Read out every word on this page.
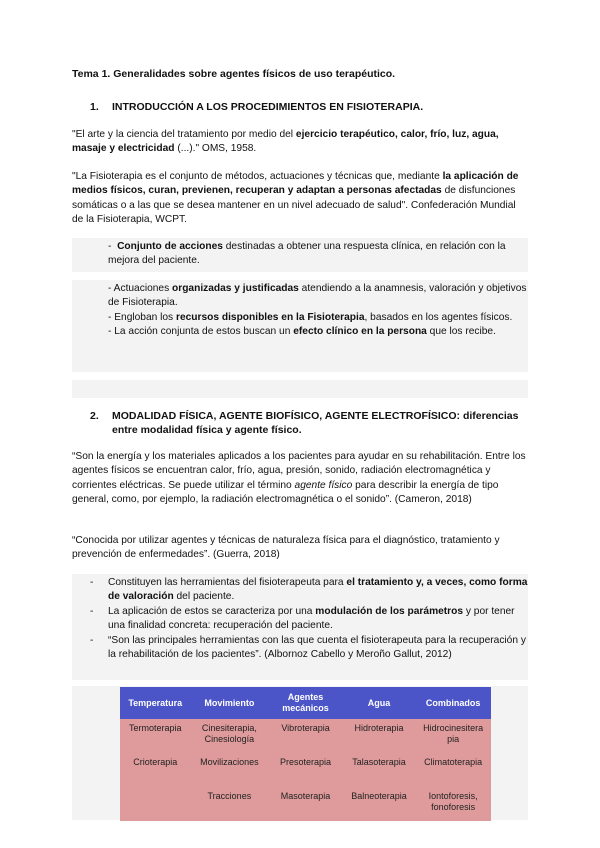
Tema 1. Generalidades sobre agentes físicos de uso terapéutico.
1. INTRODUCCIÓN A LOS PROCEDIMIENTOS EN FISIOTERAPIA.
"El arte y la ciencia del tratamiento por medio del ejercicio terapéutico, calor, frío, luz, agua, masaje y electricidad (...)." OMS, 1958.
"La Fisioterapia es el conjunto de métodos, actuaciones y técnicas que, mediante la aplicación de medios físicos, curan, previenen, recuperan y adaptan a personas afectadas de disfunciones somáticas o a las que se desea mantener en un nivel adecuado de salud". Confederación Mundial de la Fisioterapia, WCPT.
- Conjunto de acciones destinadas a obtener una respuesta clínica, en relación con la mejora del paciente.
- Actuaciones organizadas y justificadas atendiendo a la anamnesis, valoración y objetivos de Fisioterapia.
- Engloban los recursos disponibles en la Fisioterapia, basados en los agentes físicos.
- La acción conjunta de estos buscan un efecto clínico en la persona que los recibe.
2. MODALIDAD FÍSICA, AGENTE BIOFÍSICO, AGENTE ELECTROFÍSICO: diferencias entre modalidad física y agente físico.
“Son la energía y los materiales aplicados a los pacientes para ayudar en su rehabilitación. Entre los agentes físicos se encuentran calor, frío, agua, presión, sonido, radiación electromagnética y corrientes eléctricas. Se puede utilizar el término agente físico para describir la energía de tipo general, como, por ejemplo, la radiación electromagnética o el sonido”. (Cameron, 2018)
“Conocida por utilizar agentes y técnicas de naturaleza física para el diagnóstico, tratamiento y prevención de enfermedades”. (Guerra, 2018)
- Constituyen las herramientas del fisioterapeuta para el tratamiento y, a veces, como forma de valoración del paciente.
- La aplicación de estos se caracteriza por una modulación de los parámetros y por tener una finalidad concreta: recuperación del paciente.
- “Son las principales herramientas con las que cuenta el fisioterapeuta para la recuperación y la rehabilitación de los pacientes”. (Albornoz Cabello y Meroño Gallut, 2012)
Temperatura	Movimiento	Agentes mecánicos	Agua	Combinados
Termoterapia	Cinesiterapia, Cinesiología	Vibroterapia	Hidroterapia	Hidrocinesitera pia
Crioterapia	Movilizaciones	Presoterapia	Talasoterapia	Climatoterapia
	Tracciones	Masoterapia	Balneoterapia	Iontoforesis, fonoforesis
